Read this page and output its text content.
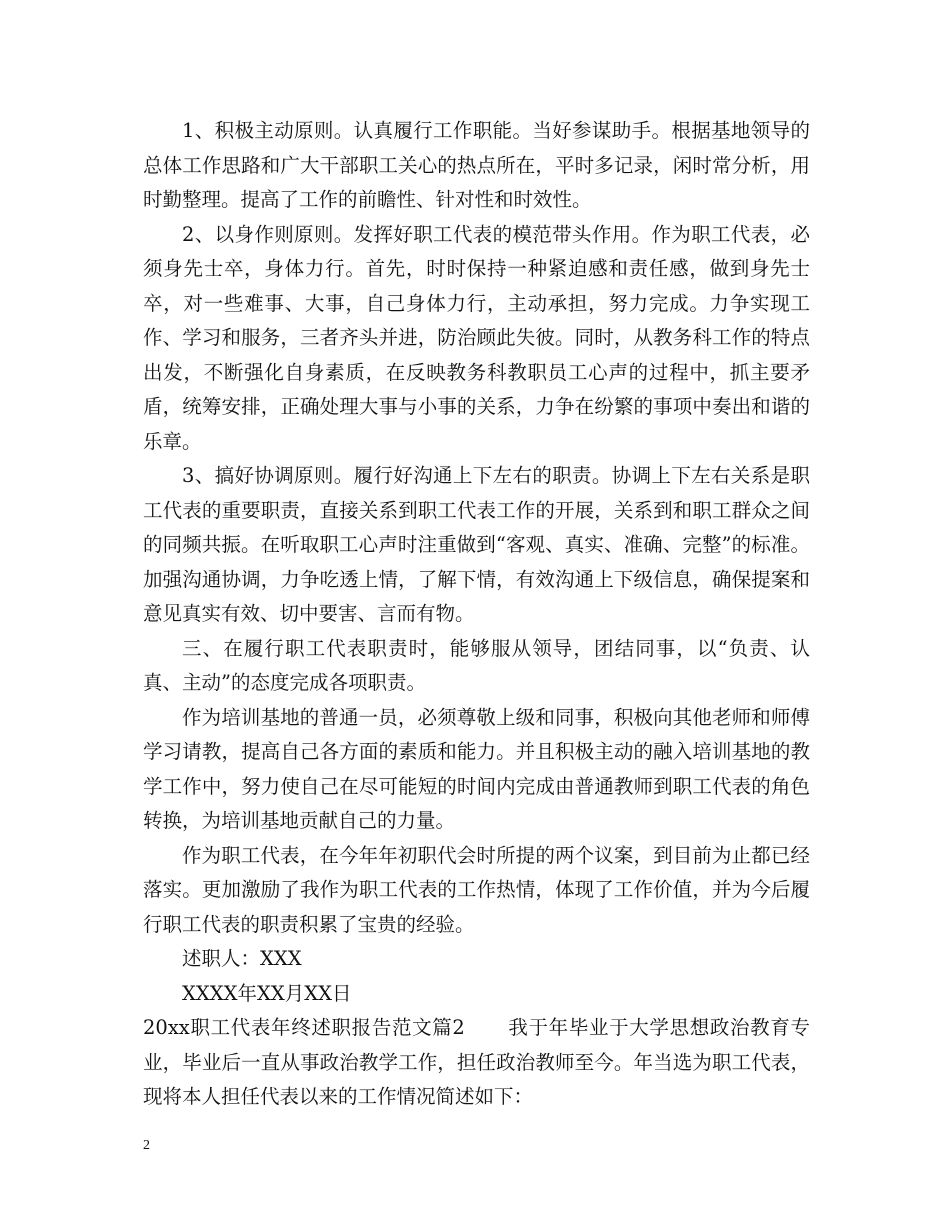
1、积极主动原则。认真履行工作职能。当好参谋助手。根据基地领导的总体工作思路和广大干部职工关心的热点所在，平时多记录，闲时常分析，用时勤整理。提高了工作的前瞻性、针对性和时效性。

2、以身作则原则。发挥好职工代表的模范带头作用。作为职工代表，必须身先士卒，身体力行。首先，时时保持一种紧迫感和责任感，做到身先士卒，对一些难事、大事，自己身体力行，主动承担，努力完成。力争实现工作、学习和服务，三者齐头并进，防治顾此失彼。同时，从教务科工作的特点出发，不断强化自身素质，在反映教务科教职员工心声的过程中，抓主要矛盾，统筹安排，正确处理大事与小事的关系，力争在纷繁的事项中奏出和谐的乐章。

3、搞好协调原则。履行好沟通上下左右的职责。协调上下左右关系是职工代表的重要职责，直接关系到职工代表工作的开展，关系到和职工群众之间的同频共振。在听取职工心声时注重做到“客观、真实、准确、完整”的标准。加强沟通协调，力争吃透上情，了解下情，有效沟通上下级信息，确保提案和意见真实有效、切中要害、言而有物。

三、在履行职工代表职责时，能够服从领导，团结同事，以“负责、认真、主动”的态度完成各项职责。

作为培训基地的普通一员，必须尊敬上级和同事，积极向其他老师和师傅学习请教，提高自己各方面的素质和能力。并且积极主动的融入培训基地的教学工作中，努力使自己在尽可能短的时间内完成由普通教师到职工代表的角色转换，为培训基地贡献自己的力量。

作为职工代表，在今年年初职代会时所提的两个议案，到目前为止都已经落实。更加激励了我作为职工代表的工作热情，体现了工作价值，并为今后履行职工代表的职责积累了宝贵的经验。

述职人：XXX

XXXX年XX月XX日

20xx职工代表年终述职报告范文篇2 我于年毕业于大学思想政治教育专业，毕业后一直从事政治教学工作，担任政治教师至今。年当选为职工代表，现将本人担任代表以来的工作情况简述如下：

2
